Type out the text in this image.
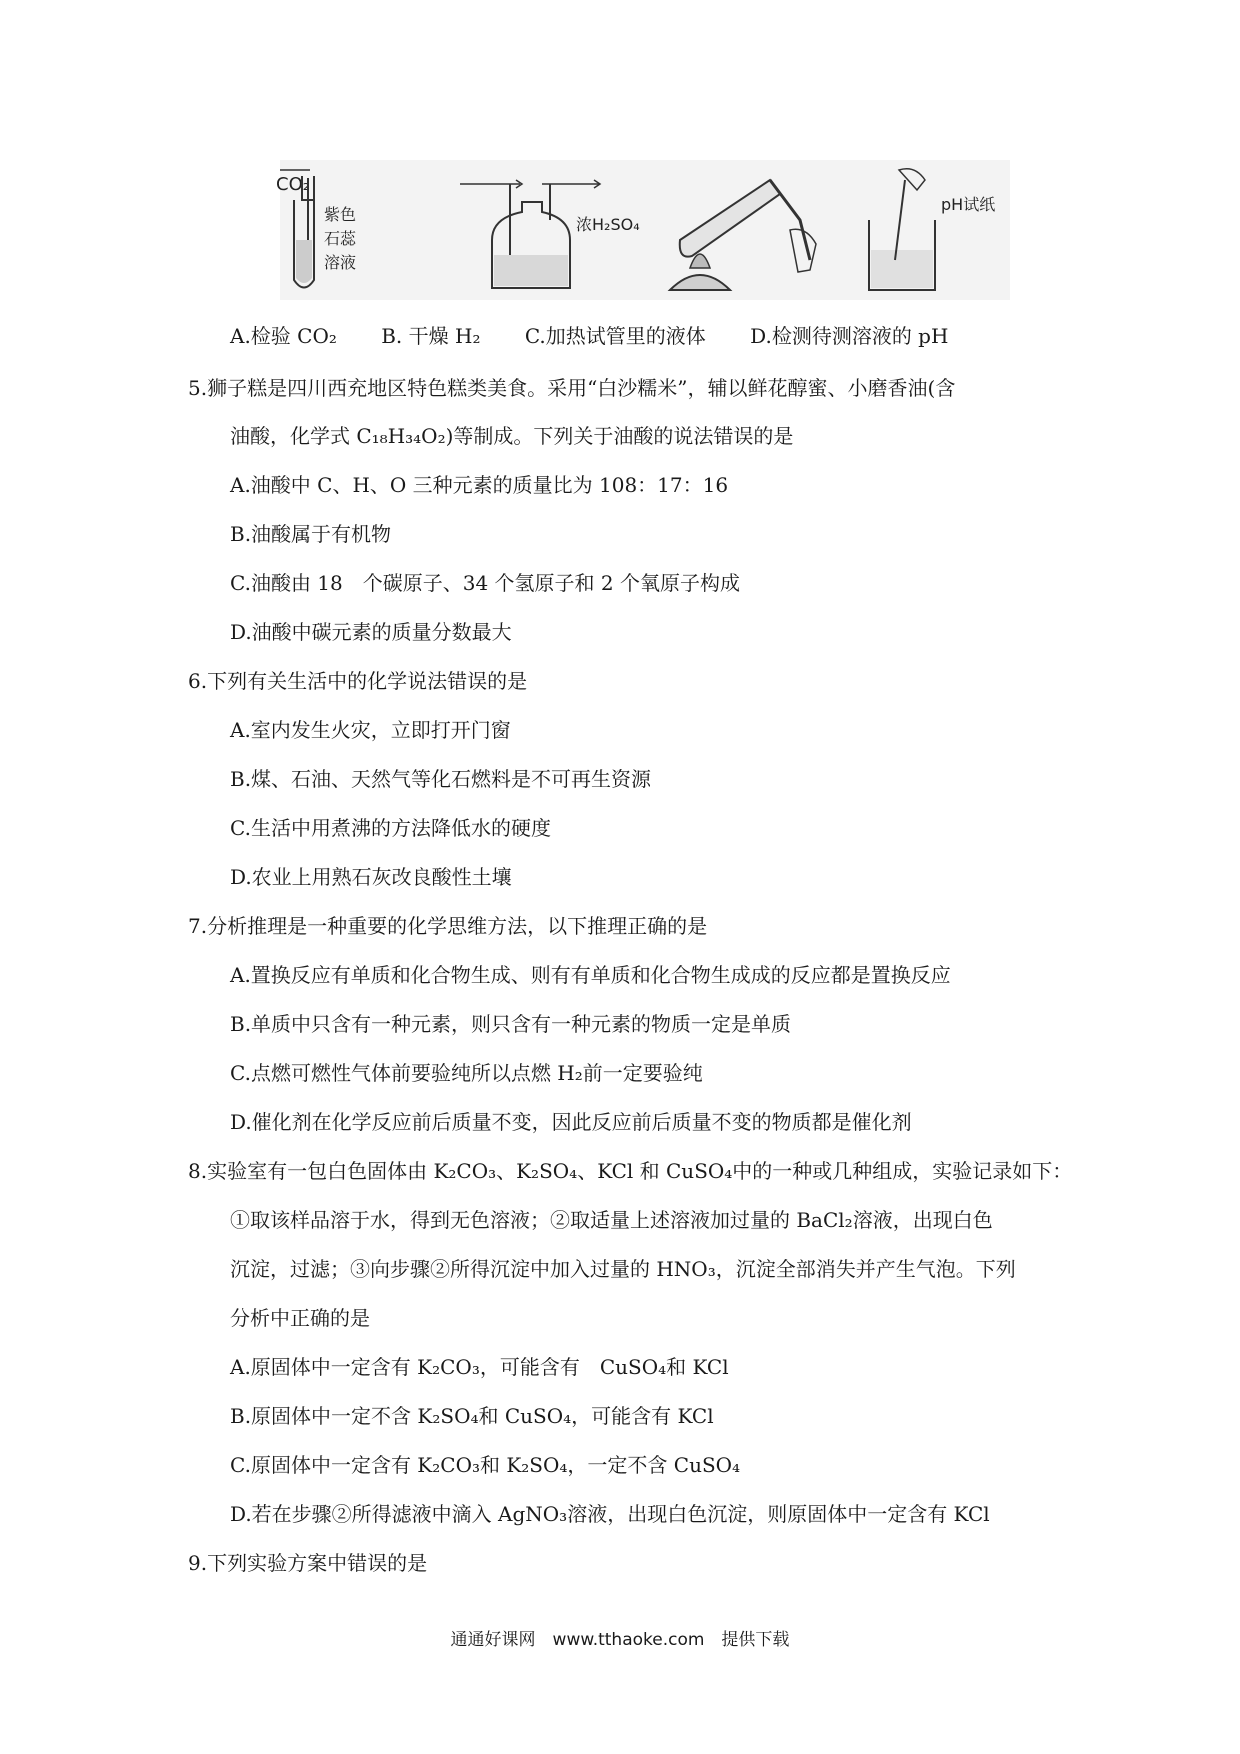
CO₂
紫色
石蕊
溶液
浓H₂SO₄
pH试纸
A.检验 CO₂ B. 干燥 H₂ C.加热试管里的液体 D.检测待测溶液的 pH
5.狮子糕是四川西充地区特色糕类美食。采用“白沙糯米”，辅以鲜花醇蜜、小磨香油(含
油酸，化学式 C₁₈H₃₄O₂)等制成。下列关于油酸的说法错误的是
A.油酸中 C、H、O 三种元素的质量比为 108：17：16
B.油酸属于有机物
C.油酸由 18　个碳原子、34 个氢原子和 2 个氧原子构成
D.油酸中碳元素的质量分数最大
6.下列有关生活中的化学说法错误的是
A.室内发生火灾，立即打开门窗
B.煤、石油、天然气等化石燃料是不可再生资源
C.生活中用煮沸的方法降低水的硬度
D.农业上用熟石灰改良酸性土壤
7.分析推理是一种重要的化学思维方法，以下推理正确的是
A.置换反应有单质和化合物生成、则有有单质和化合物生成成的反应都是置换反应
B.单质中只含有一种元素，则只含有一种元素的物质一定是单质
C.点燃可燃性气体前要验纯所以点燃 H₂前一定要验纯
D.催化剂在化学反应前后质量不变，因此反应前后质量不变的物质都是催化剂
8.实验室有一包白色固体由 K₂CO₃、K₂SO₄、KCl 和 CuSO₄中的一种或几种组成，实验记录如下：
①取该样品溶于水，得到无色溶液；②取适量上述溶液加过量的 BaCl₂溶液，出现白色
沉淀，过滤；③向步骤②所得沉淀中加入过量的 HNO₃，沉淀全部消失并产生气泡。下列
分析中正确的是
A.原固体中一定含有 K₂CO₃，可能含有　CuSO₄和 KCl
B.原固体中一定不含 K₂SO₄和 CuSO₄，可能含有 KCl
C.原固体中一定含有 K₂CO₃和 K₂SO₄，一定不含 CuSO₄
D.若在步骤②所得滤液中滴入 AgNO₃溶液，出现白色沉淀，则原固体中一定含有 KCl
9.下列实验方案中错误的是
通通好课网　www.tthaoke.com　提供下载
